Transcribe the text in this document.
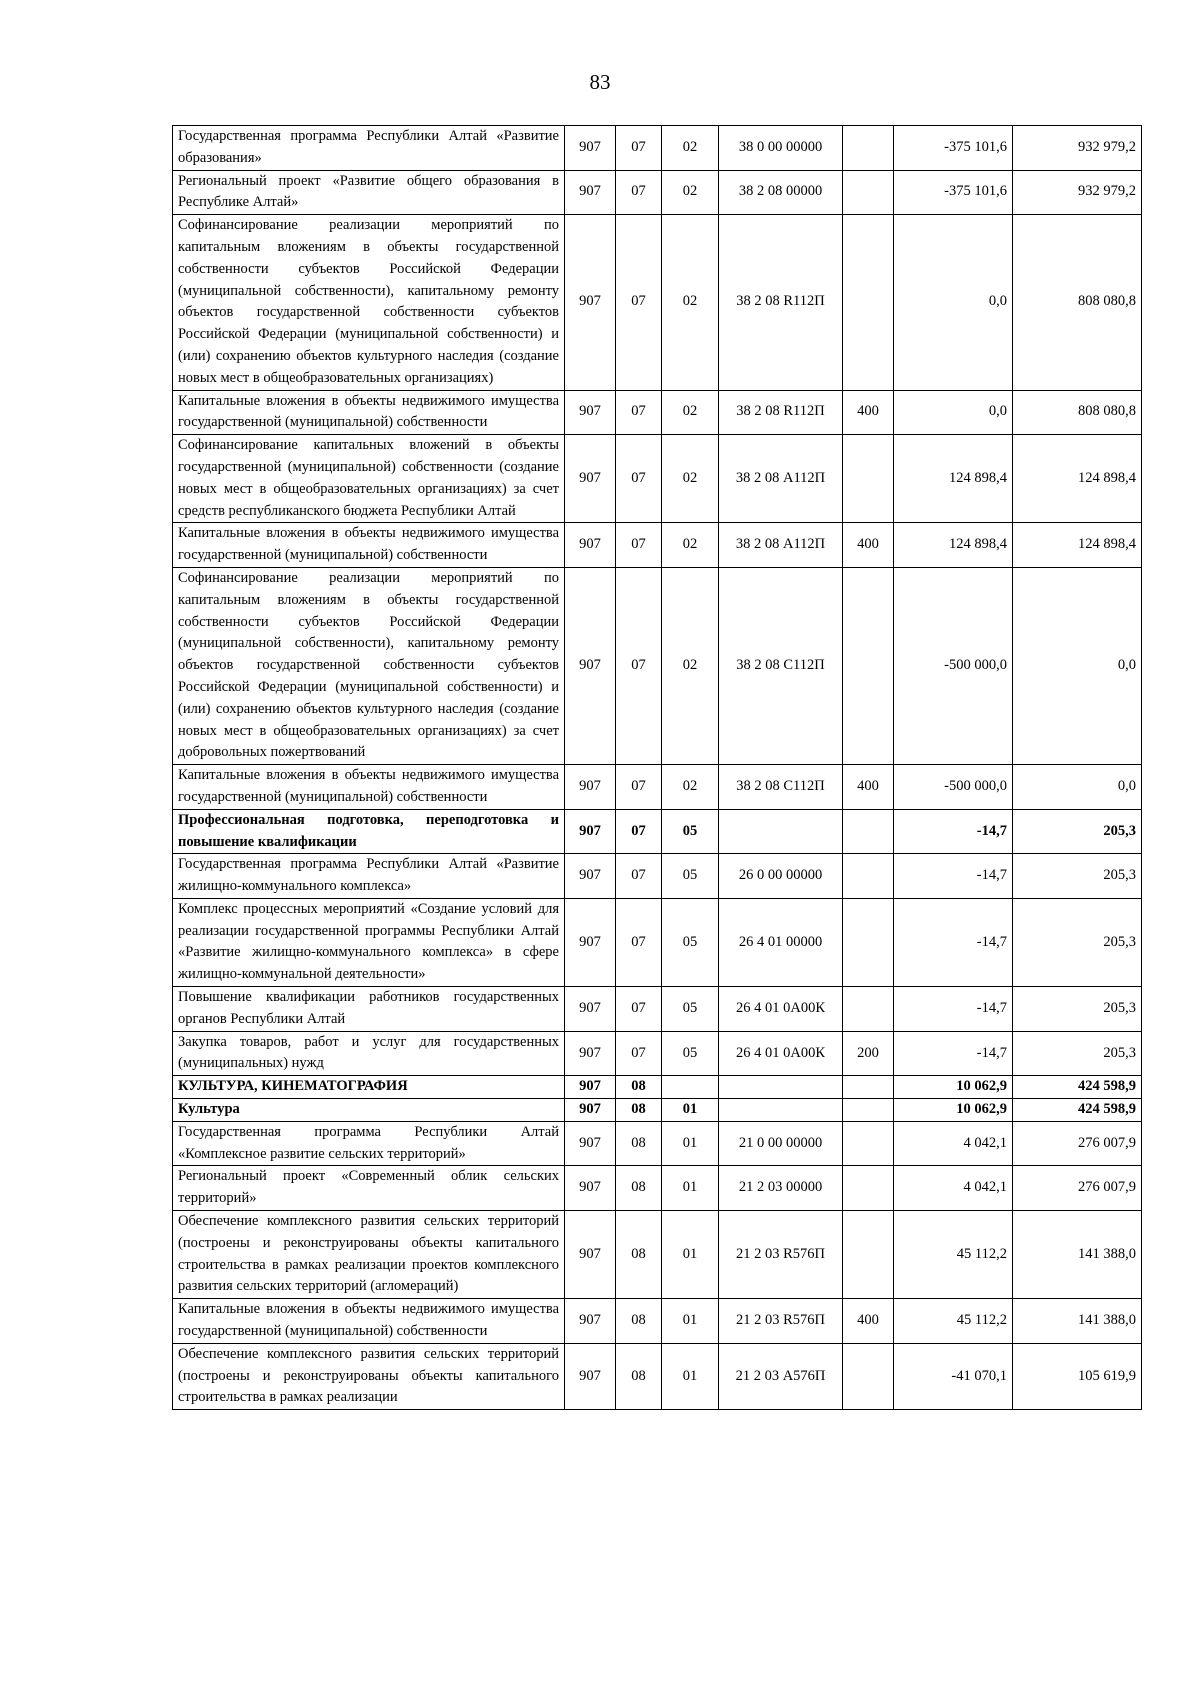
83
Государственная программа Республики Алтай «Развитие образования»	907	07	02	38 0 00 00000		-375 101,6	932 979,2
Региональный проект «Развитие общего образования в Республике Алтай»	907	07	02	38 2 08 00000		-375 101,6	932 979,2
Софинансирование реализации мероприятий по капитальным вложениям в объекты государственной собственности субъектов Российской Федерации (муниципальной собственности), капитальному ремонту объектов государственной собственности субъектов Российской Федерации (муниципальной собственности) и (или) сохранению объектов культурного наследия (создание новых мест в общеобразовательных организациях)	907	07	02	38 2 08 R112П		0,0	808 080,8
Капитальные вложения в объекты недвижимого имущества государственной (муниципальной) собственности	907	07	02	38 2 08 R112П	400	0,0	808 080,8
Софинансирование капитальных вложений в объекты государственной (муниципальной) собственности (создание новых мест в общеобразовательных организациях) за счет средств республиканского бюджета Республики Алтай	907	07	02	38 2 08 А112П		124 898,4	124 898,4
Капитальные вложения в объекты недвижимого имущества государственной (муниципальной) собственности	907	07	02	38 2 08 А112П	400	124 898,4	124 898,4
Софинансирование реализации мероприятий по капитальным вложениям в объекты государственной собственности субъектов Российской Федерации (муниципальной собственности), капитальному ремонту объектов государственной собственности субъектов Российской Федерации (муниципальной собственности) и (или) сохранению объектов культурного наследия (создание новых мест в общеобразовательных организациях) за счет добровольных пожертвований	907	07	02	38 2 08 С112П		-500 000,0	0,0
Капитальные вложения в объекты недвижимого имущества государственной (муниципальной) собственности	907	07	02	38 2 08 С112П	400	-500 000,0	0,0
Профессиональная подготовка, переподготовка и повышение квалификации	907	07	05			-14,7	205,3
Государственная программа Республики Алтай «Развитие жилищно-коммунального комплекса»	907	07	05	26 0 00 00000		-14,7	205,3
Комплекс процессных мероприятий «Создание условий для реализации государственной программы Республики Алтай «Развитие жилищно-коммунального комплекса» в сфере жилищно-коммунальной деятельности»	907	07	05	26 4 01 00000		-14,7	205,3
Повышение квалификации работников государственных органов Республики Алтай	907	07	05	26 4 01 0А00К		-14,7	205,3
Закупка товаров, работ и услуг для государственных (муниципальных) нужд	907	07	05	26 4 01 0А00К	200	-14,7	205,3
КУЛЬТУРА, КИНЕМАТОГРАФИЯ	907	08				10 062,9	424 598,9
Культура	907	08	01			10 062,9	424 598,9
Государственная программа Республики Алтай «Комплексное развитие сельских территорий»	907	08	01	21 0 00 00000		4 042,1	276 007,9
Региональный проект «Современный облик сельских территорий»	907	08	01	21 2 03 00000		4 042,1	276 007,9
Обеспечение комплексного развития сельских территорий (построены и реконструированы объекты капитального строительства в рамках реализации проектов комплексного развития сельских территорий (агломераций)	907	08	01	21 2 03 R576П		45 112,2	141 388,0
Капитальные вложения в объекты недвижимого имущества государственной (муниципальной) собственности	907	08	01	21 2 03 R576П	400	45 112,2	141 388,0
Обеспечение комплексного развития сельских территорий (построены и реконструированы объекты капитального строительства в рамках реализации	907	08	01	21 2 03 А576П		-41 070,1	105 619,9
